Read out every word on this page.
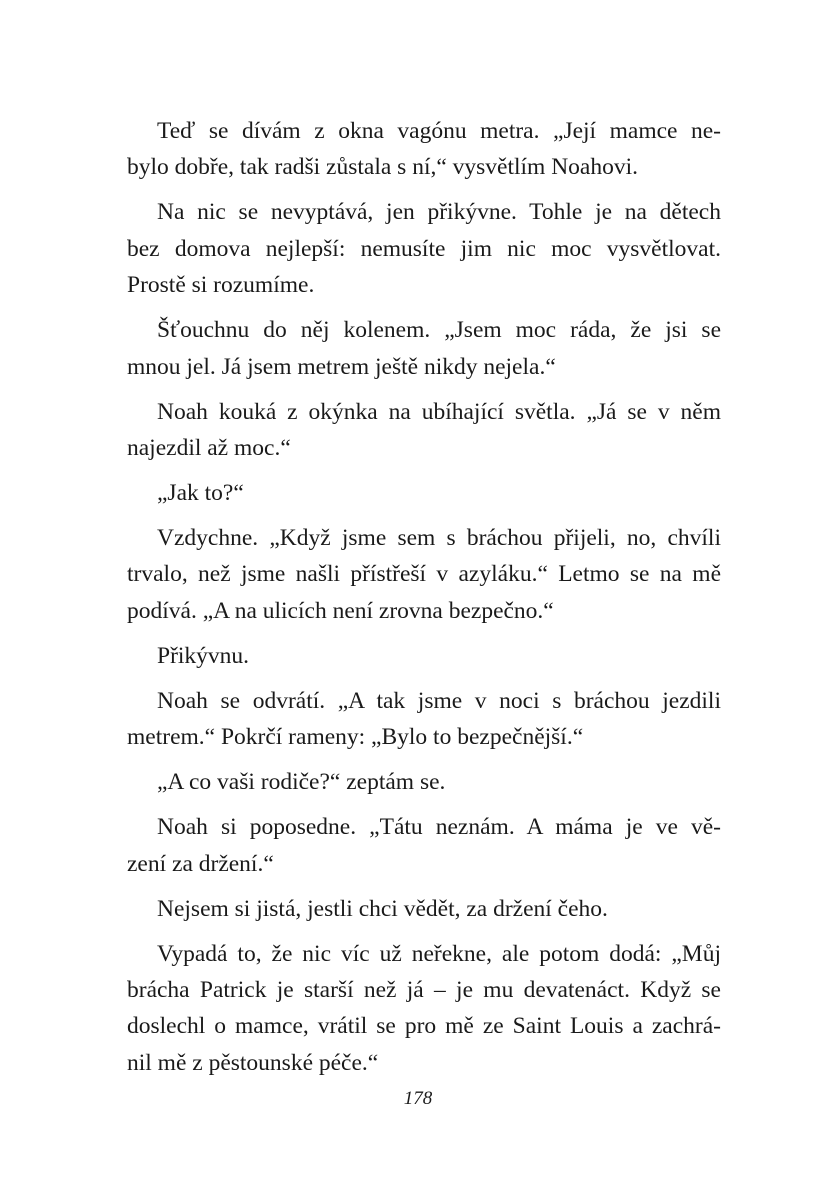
Teď se dívám z okna vagónu metra. „Její mamce ne-
bylo dobře, tak radši zůstala s ní,“ vysvětlím Noahovi.
Na nic se nevyptává, jen přikývne. Tohle je na dětech
bez domova nejlepší: nemusíte jim nic moc vysvětlovat.
Prostě si rozumíme.
Šťouchnu do něj kolenem. „Jsem moc ráda, že jsi se
mnou jel. Já jsem metrem ještě nikdy nejela.“
Noah kouká z okýnka na ubíhající světla. „Já se v něm
najezdil až moc.“
„Jak to?“
Vzdychne. „Když jsme sem s bráchou přijeli, no, chvíli
trvalo, než jsme našli přístřeší v azyláku.“ Letmo se na mě
podívá. „A na ulicích není zrovna bezpečno.“
Přikývnu.
Noah se odvrátí. „A tak jsme v noci s bráchou jezdili
metrem.“ Pokrčí rameny: „Bylo to bezpečnější.“
„A co vaši rodiče?“ zeptám se.
Noah si poposedne. „Tátu neznám. A máma je ve vě-
zení za držení.“
Nejsem si jistá, jestli chci vědět, za držení čeho.
Vypadá to, že nic víc už neřekne, ale potom dodá: „Můj
brácha Patrick je starší než já – je mu devatenáct. Když se
doslechl o mamce, vrátil se pro mě ze Saint Louis a zachrá-
nil mě z pěstounské péče.“
178
